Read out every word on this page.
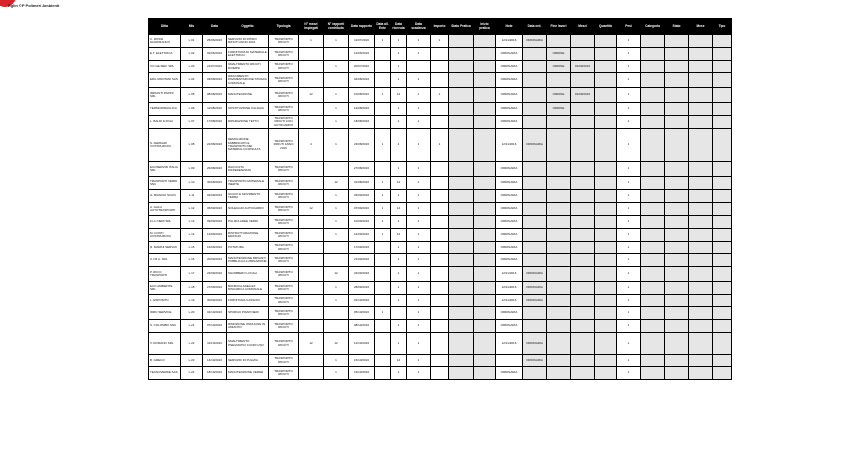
Eglin ©P Polimeri Ambienti
Ditta	Mis	Data	Oggetto	Tipologia	N° mezzi impiegati	N° rapporti contributo	Data rapporto	Data all. Ente	Data ricevuta	Data scadenza	Importo	Stato Pratica	Inizio pratica	Note	Data ord.	Fine lavori	Mezzi	Quantità	Pesi	Categoria	Stato	Mese	Tipo
C. ROSSI GIANFRANCO	L.01	25/06/2016	SERVIZIO DI RITIRO RIFIUTI ANNO 2016	TRASPORTO RIFIUTI	1	1	11/07/2016	1	1	1	1			12/11/2016	ORDINARIA				1				
E.T. ELETTRICA	L.02	02/06/2016	FORNITURA DI MATERIALE ELETTRICO	TRASPORTO RIFIUTI			12/06/2016		1	1				ORDINARIA		ORDINE			1				
CO.GE.SER. SRL	L.03	21/07/2016	SMALTIMENTO RIFIUTI DIVERSI	TRASPORTO RIFIUTI		1	20/07/2016		1					ORDINARIA		ORDINE	01/09/2016		1				
EDIL MONTANI SAS	L.04	03/08/2016	RIFACIMENTO PAVIMENTAZIONE STRADA COMUNALE	TRASPORTO RIFIUTI			04/08/2016		1	1				ORDINARIA					1				
IMPIANTI PAPINI SRL	L.05	08/08/2016	MANUTENZIONE	TRASPORTO RIFIUTI	12	1	10/08/2016	1	12	1	1			ORDINARIA		ORDINE	01/09/2016		1				
TERMOIDRAULICA	L.06	11/08/2016	SOSTITUZIONE CALDAIA	TRASPORTO RIFIUTI		1	12/08/2016		1	1				ORDINARIA		ORDINE			1				
L. BALDI & FIGLI	L.07	17/08/2016	RIPARAZIONE TETTO	TRASPORTO RIFIUTI CON AUTOCARRO		1	18/08/2016		1	1				ORDINARIA					1				
S. FERRARI COSTRUZIONI	L.08	22/08/2016	DEMOLIZIONE FABBRICATO E TRASPORTO DEI MATERIALI DI RISULTA	TRASPORTO RIFIUTI ANNO 2016	4	1	23/08/2016	1	4	1	1			12/11/2016	ORDINARIA				1				
ECOSERVIZI ITALIA SRL	L.09	26/08/2016	RACCOLTA DIFFERENZIATA	TRASPORTO RIFIUTI			27/08/2016		1	1				ORDINARIA					1				
TRASPORTI VERDI SNC	L.10	30/08/2016	TRASPORTO MATERIALE INERTE	TRASPORTO RIFIUTI		12	31/08/2016	1	12	1				ORDINARIA					1				
G. BIANCHI SCAVI	L.11	02/09/2016	SCAVO E MOVIMENTO TERRA	TRASPORTO RIFIUTI		1	03/09/2016	1	1	1				ORDINARIA					1				
A. GALLI AUTOTRASPORTI	L.12	06/09/2016	NOLEGGIO AUTOCARRO	TRASPORTO RIFIUTI	12	1	07/09/2016	1	12	1				ORDINARIA					1				
F.LLI NERI SRL	L.13	09/09/2016	PULIZIA AREE VERDI	TRASPORTO RIFIUTI		1	10/09/2016	1	1	1				ORDINARIA					1				
M. CONTI COSTRUZIONI	L.14	13/09/2016	RISTRUTTURAZIONE EDIFICIO	TRASPORTO RIFIUTI		1	14/09/2016	1	12	1				ORDINARIA					1				
R. MARINI SERVIZI	L.15	16/09/2016	POTATURA	TRASPORTO RIFIUTI			17/09/2016		1	1				ORDINARIA					1				
C.I.M.A. SRL	L.16	20/09/2016	MANUTENZIONE IMPIANTI PUBBLICA ILLUMINAZIONE	TRASPORTO RIFIUTI			21/09/2016		1	1				ORDINARIA					1				
P. RICCI TRASPORTI	L.17	23/09/2016	SGOMBERO LOCALI	TRASPORTO RIFIUTI		12	24/09/2016		1	1				12/11/2016	ORDINARIA				1				
ECO AMBIENTE SRL	L.18	27/09/2016	BONIFICA AREA EX DISCARICA COMUNALE	TRASPORTO RIFIUTI		1	28/09/2016		1	1				12/11/2016	ORDINARIA				1				
L. ESPOSITO	L.19	30/09/2016	FORNITURA CASSONI	TRASPORTO RIFIUTI		1	01/10/2016		1	1				12/11/2016	ORDINARIA				1				
IDRO SERVICE	L.20	04/10/2016	SPURGO POZZI NERI	TRASPORTO RIFIUTI			05/10/2016	1		1				ORDINARIA					1				
S. COLOMBO SNC	L.21	07/10/2016	RIMOZIONE ONDULINE IN AMIANTO	TRASPORTO RIFIUTI			08/10/2016		1	1				ORDINARIA					1				
V. ROMANO SRL	L.22	11/10/2016	SMALTIMENTO PNEUMATICI FUORI USO	TRASPORTO RIFIUTI	12	12	12/10/2016		1	1				12/11/2016	ORDINARIA				1				
B. GRECO	L.23	14/10/2016	SERVIZIO DI PULIZIA	TRASPORTO RIFIUTI		1	15/10/2016		12	1					ORDINARIA				1				
TECNOVERDE SAS	L.24	18/10/2016	MANUTENZIONE VERDE	TRASPORTO RIFIUTI		1	19/10/2016		1	1				ORDINARIA					1				
